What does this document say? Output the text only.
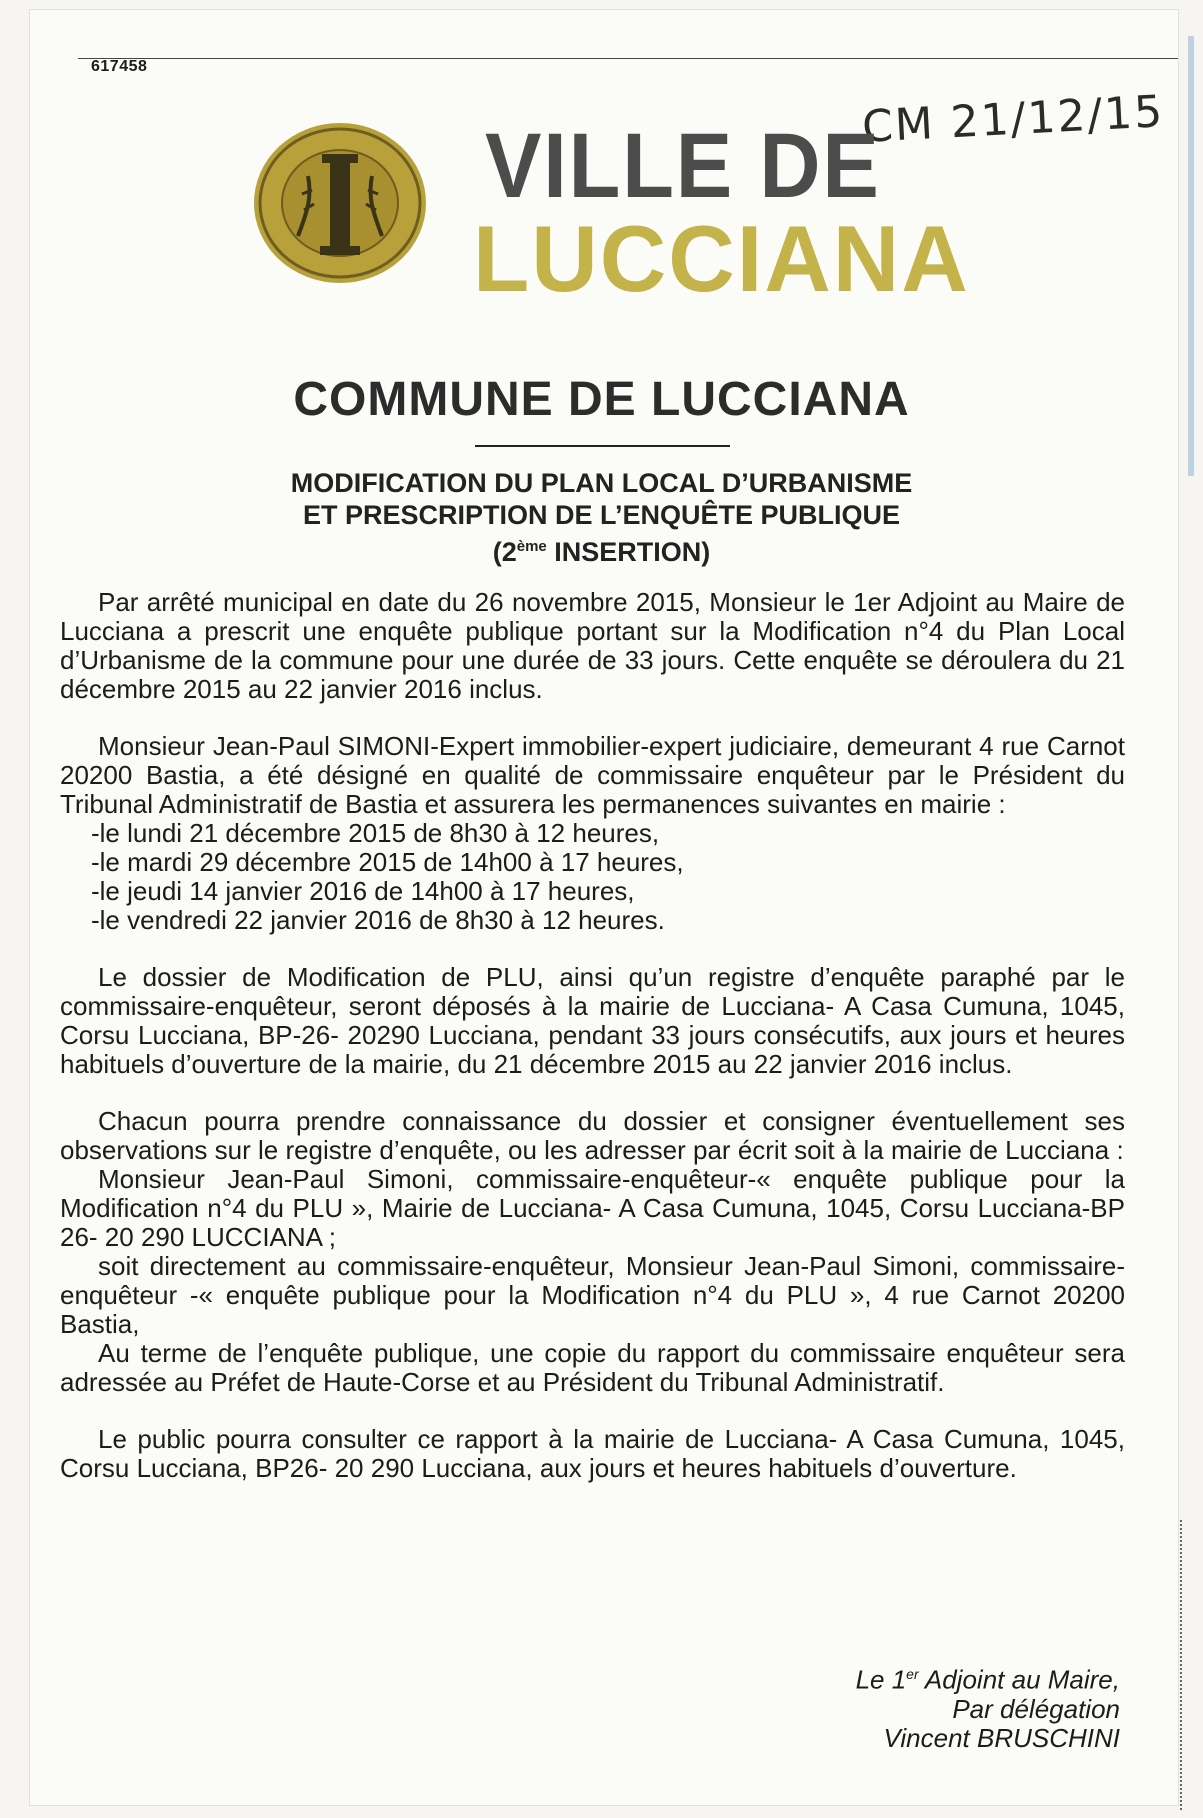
617458
CM 21/12/15
VILLE DE
LUCCIANA
COMMUNE DE LUCCIANA
MODIFICATION DU PLAN LOCAL D’URBANISME
ET PRESCRIPTION DE L’ENQUÊTE PUBLIQUE
(2ème INSERTION)

Par arrêté municipal en date du 26 novembre 2015, Monsieur le 1er Adjoint au Maire de Lucciana a prescrit une enquête publique portant sur la Modification n°4 du Plan Local d’Urbanisme de la commune pour une durée de 33 jours. Cette enquête se déroulera du 21 décembre 2015 au 22 janvier 2016 inclus.

Monsieur Jean-Paul SIMONI-Expert immobilier-expert judiciaire, demeurant 4 rue Carnot 20200 Bastia, a été désigné en qualité de commissaire enquêteur par le Président du Tribunal Administratif de Bastia et assurera les permanences suivantes en mairie :

-le lundi 21 décembre 2015 de 8h30 à 12 heures,
-le mardi 29 décembre 2015 de 14h00 à 17 heures,
-le jeudi 14 janvier 2016 de 14h00 à 17 heures,
-le vendredi 22 janvier 2016 de 8h30 à 12 heures.

Le dossier de Modification de PLU, ainsi qu’un registre d’enquête paraphé par le commissaire-enquêteur, seront déposés à la mairie de Lucciana- A Casa Cumuna, 1045, Corsu Lucciana, BP-26- 20290 Lucciana, pendant 33 jours consécutifs, aux jours et heures habituels d’ouverture de la mairie, du 21 décembre 2015 au 22 janvier 2016 inclus.

Chacun pourra prendre connaissance du dossier et consigner éventuellement ses observations sur le registre d’enquête, ou les adresser par écrit soit à la mairie de Lucciana :

Monsieur Jean-Paul Simoni, commissaire-enquêteur-« enquête publique pour la Modification n°4 du PLU », Mairie de Lucciana- A Casa Cumuna, 1045, Corsu Lucciana-BP 26- 20 290 LUCCIANA ;

soit directement au commissaire-enquêteur, Monsieur Jean-Paul Simoni, commissaire-enquêteur -« enquête publique pour la Modification n°4 du PLU », 4 rue Carnot 20200 Bastia,

Au terme de l’enquête publique, une copie du rapport du commissaire enquêteur sera adressée au Préfet de Haute-Corse et au Président du Tribunal Administratif.

Le public pourra consulter ce rapport à la mairie de Lucciana- A Casa Cumuna, 1045, Corsu Lucciana, BP26- 20 290 Lucciana, aux jours et heures habituels d’ouverture.

Le 1er Adjoint au Maire,
Par délégation
Vincent BRUSCHINI
